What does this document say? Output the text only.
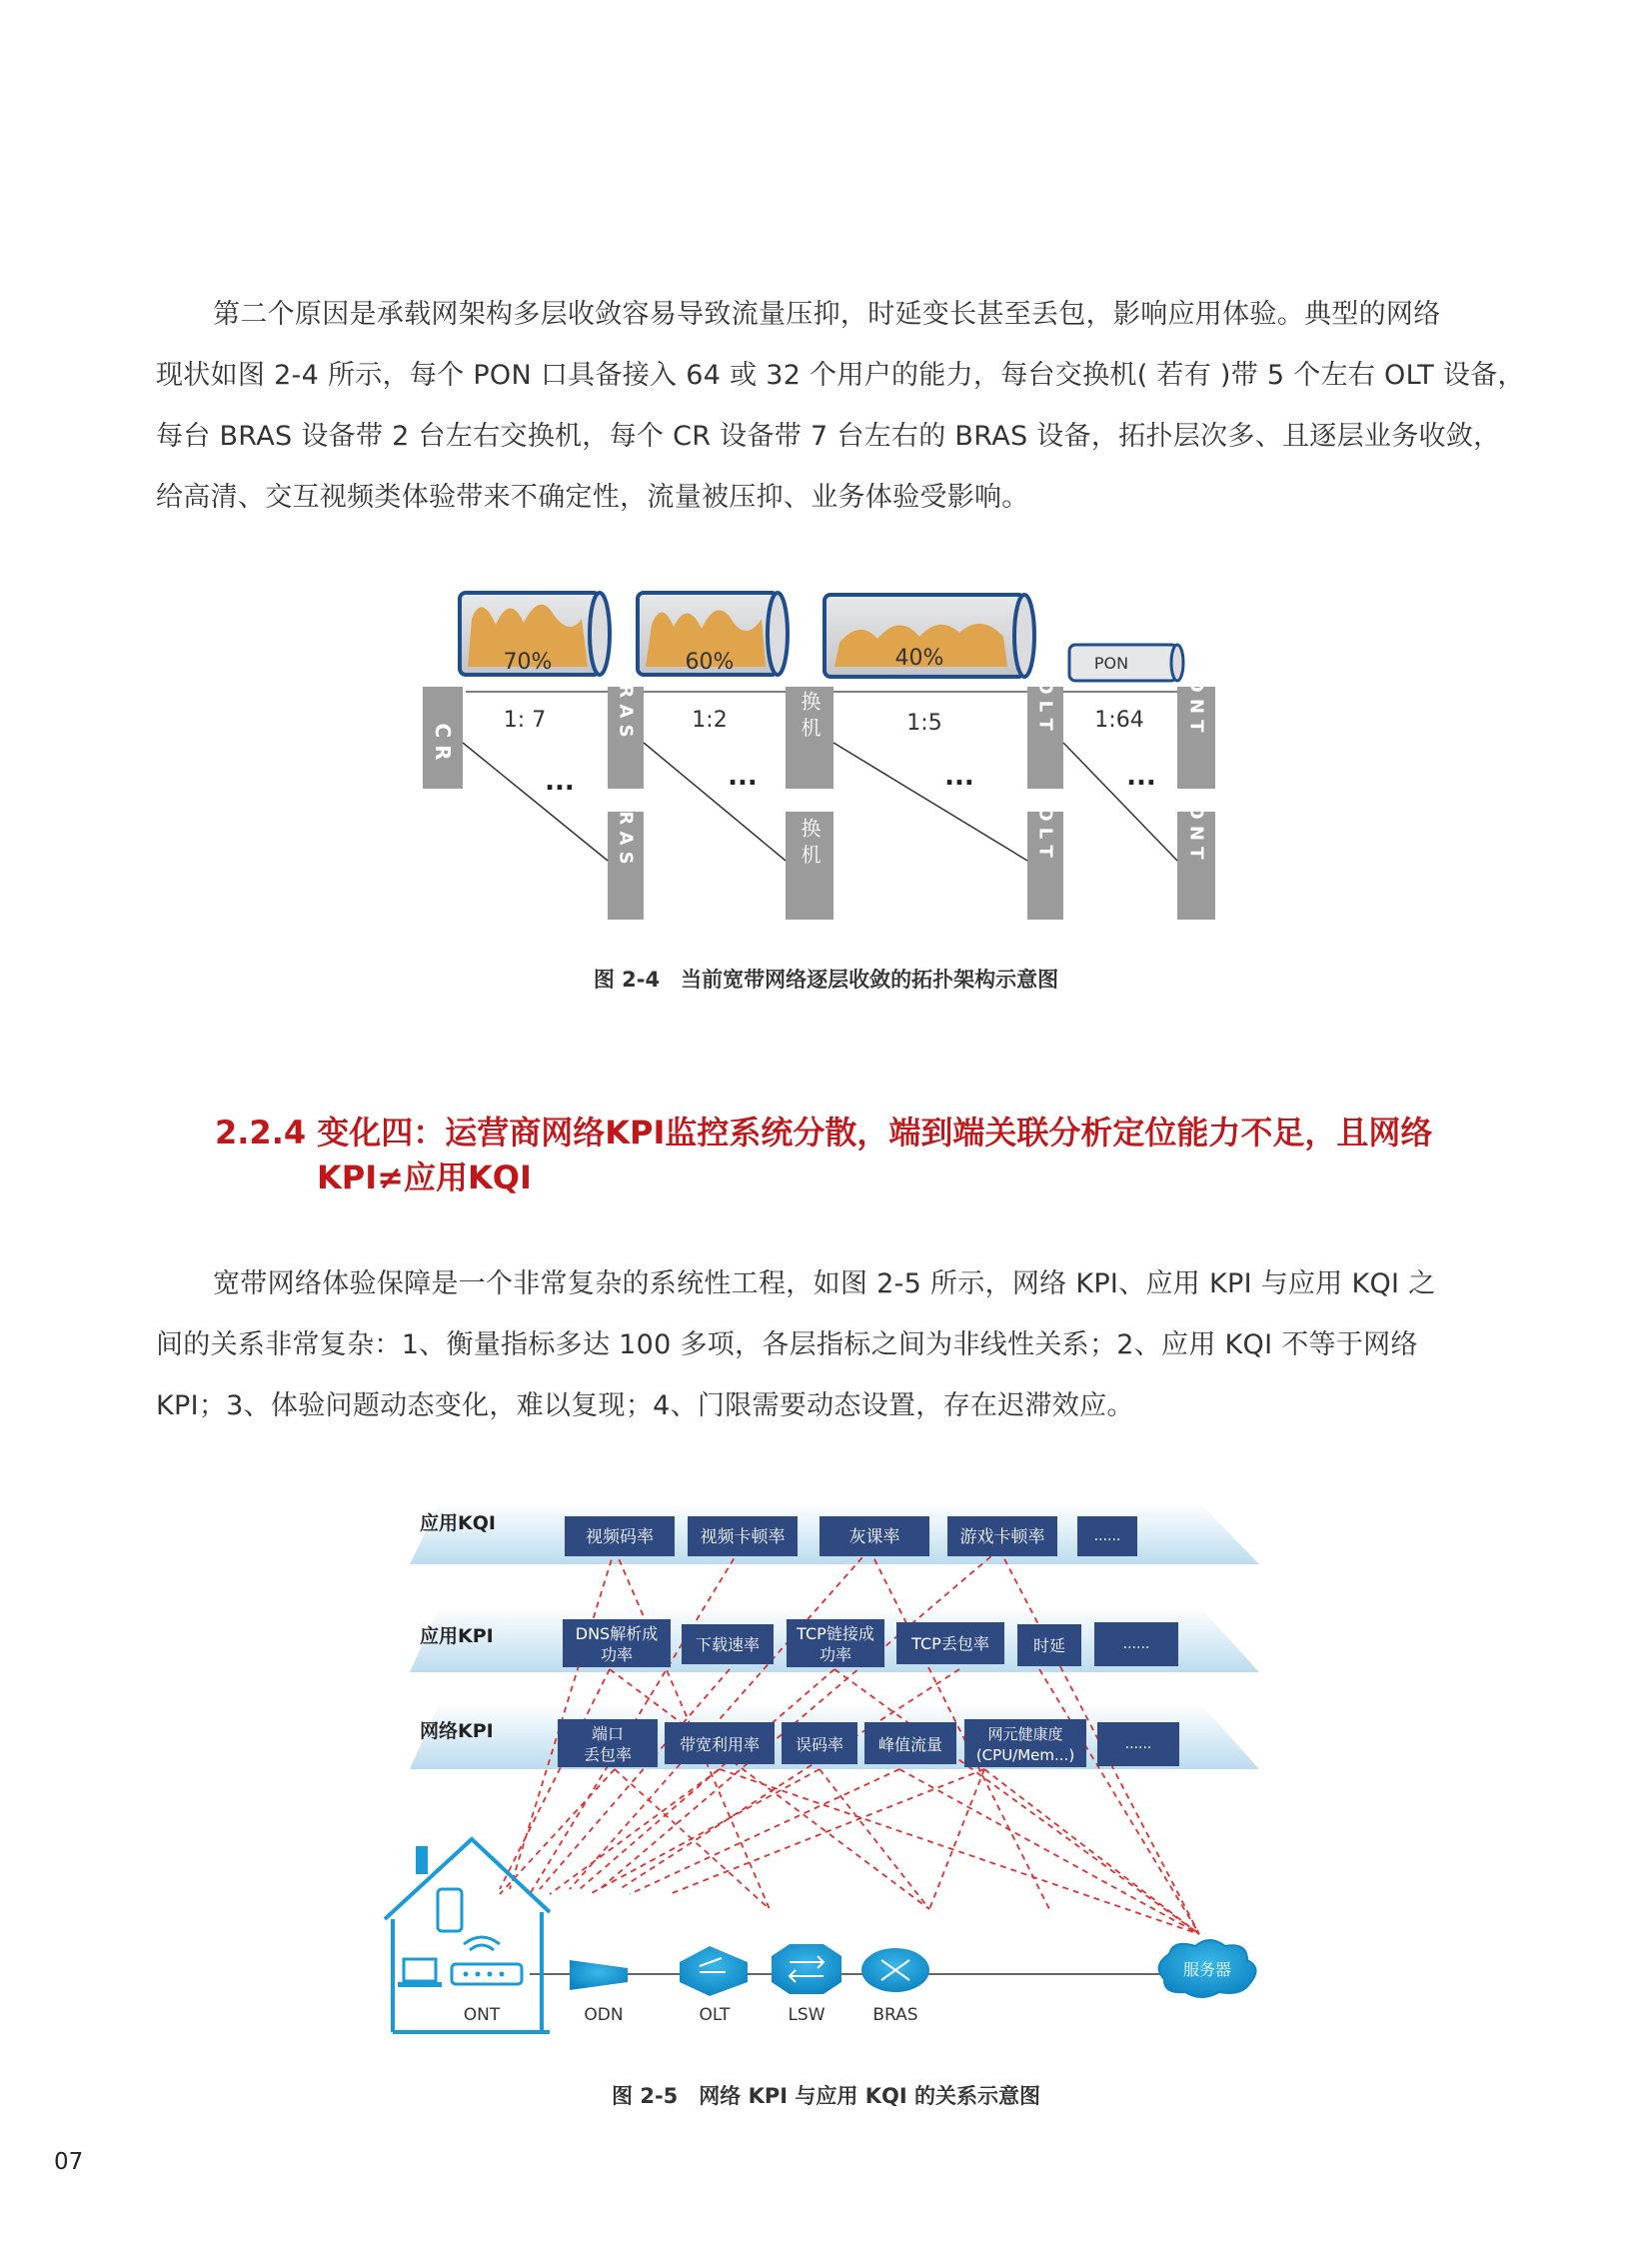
第二个原因是承载网架构多层收敛容易导致流量压抑，时延变长甚至丢包，影响应用体验。典型的网络
现状如图 2-4 所示，每个 PON 口具备接入 64 或 32 个用户的能力，每台交换机( 若有 )带 5 个左右 OLT 设备，
每台 BRAS 设备带 2 台左右交换机，每个 CR 设备带 7 台左右的 BRAS 设备，拓扑层次多、且逐层业务收敛，
给高清、交互视频类体验带来不确定性，流量被压抑、业务体验受影响。
70%	60%	40%	PON
C R
B R A S
B R A S
交 换 机
交 换 机
O L T
O L T
O N T
O N T
1: 7	1:2	1:5	1:64
...	...	...	...
图 2-4　当前宽带网络逐层收敛的拓扑架构示意图
2.2.4 变化四：运营商网络KPI监控系统分散，端到端关联分析定位能力不足，且网络
KPI≠应用KQI
宽带网络体验保障是一个非常复杂的系统性工程，如图 2-5 所示，网络 KPI、应用 KPI 与应用 KQI 之
间的关系非常复杂：1、衡量指标多达 100 多项，各层指标之间为非线性关系；2、应用 KQI 不等于网络
KPI；3、体验问题动态变化，难以复现；4、门限需要动态设置，存在迟滞效应。
应用KQI
应用KPI
网络KPI
视频码率	视频卡顿率	灰课率	游戏卡顿率	......
DNS解析成
功率
下载速率
TCP链接成
功率
TCP丢包率	时延	......
端口
丢包率
带宽利用率 误码率 峰值流量
网元健康度
(CPU/Mem...)
......
ONT	ODN	OLT	LSW	BRAS
服务器
图 2-5　网络 KPI 与应用 KQI 的关系示意图
07
